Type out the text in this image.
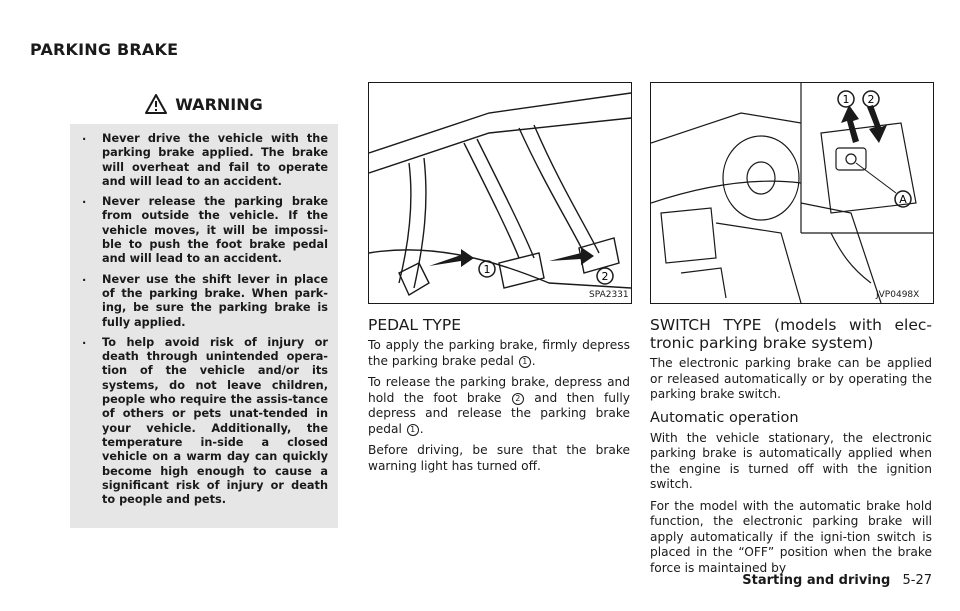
PARKING BRAKE
WARNING
. Never drive the vehicle with the parking brake applied. The brake will overheat and fail to operate and will lead to an accident.
. Never release the parking brake from outside the vehicle. If the vehicle moves, it will be impossi-ble to push the foot brake pedal and will lead to an accident.
. Never use the shift lever in place of the parking brake. When park-ing, be sure the parking brake is fully applied.
. To help avoid risk of injury or death through unintended opera-tion of the vehicle and/or its systems, do not leave children, people who require the assis-tance of others or pets unat-tended in your vehicle. Additionally, the temperature in-side a closed vehicle on a warm day can quickly become high enough to cause a significant risk of injury or death to people and pets.
1
2
SPA2331
1 2
A
JVP0498X
PEDAL TYPE

To apply the parking brake, firmly depress the parking brake pedal 1 .

To release the parking brake, depress and hold the foot brake 2 and then fully depress and release the parking brake pedal 1 .

Before driving, be sure that the brake warning light has turned off.

SWITCH TYPE (models with elec-tronic parking brake system)

The electronic parking brake can be applied or released automatically or by operating the parking brake switch.

Automatic operation

With the vehicle stationary, the electronic parking brake is automatically applied when the engine is turned off with the ignition switch.

For the model with the automatic brake hold function, the electronic parking brake will apply automatically if the igni-tion switch is placed in the “OFF” position when the brake force is maintained by

Starting and driving 5-27
